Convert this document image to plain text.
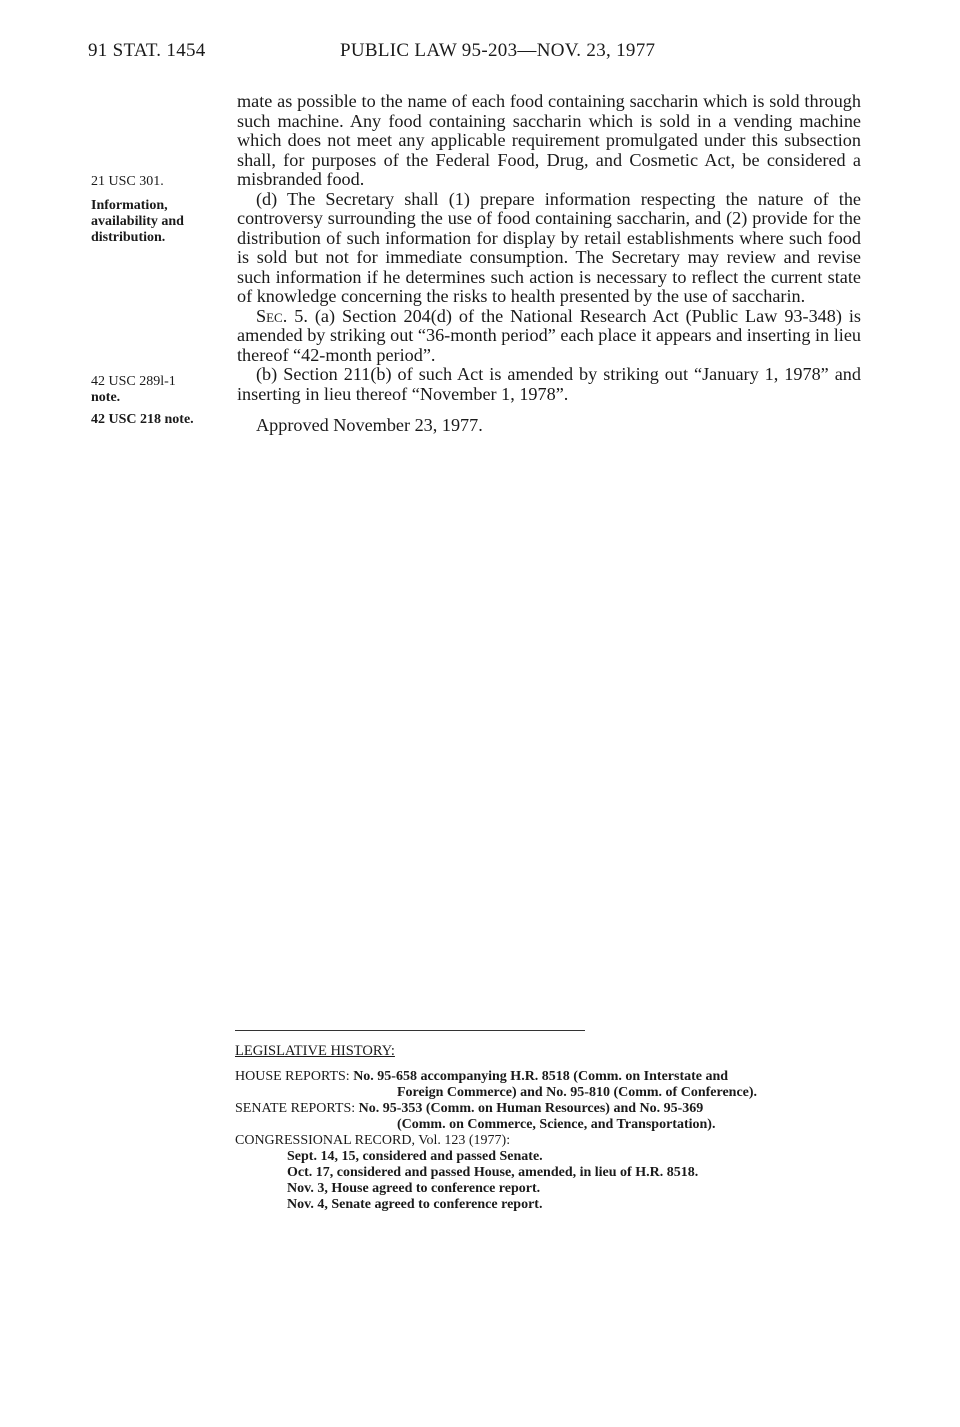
91 STAT. 1454	PUBLIC LAW 95-203—NOV. 23, 1977
21 USC 301.
Information,
availability and
distribution.
42 USC 289l-1
note.
42 USC 218 note.

mate as possible to the name of each food containing saccharin which is sold through such machine. Any food containing saccharin which is sold in a vending machine which does not meet any applicable requirement promulgated under this subsection shall, for purposes of the Federal Food, Drug, and Cosmetic Act, be considered a misbranded food.

(d) The Secretary shall (1) prepare information respecting the nature of the controversy surrounding the use of food containing saccharin, and (2) provide for the distribution of such information for display by retail establishments where such food is sold but not for immediate consumption. The Secretary may review and revise such information if he determines such action is necessary to reflect the current state of knowledge concerning the risks to health presented by the use of saccharin.

Sec. 5. (a) Section 204(d) of the National Research Act (Public Law 93-348) is amended by striking out “36-month period” each place it appears and inserting in lieu thereof “42-month period”.

(b) Section 211(b) of such Act is amended by striking out “January 1, 1978” and inserting in lieu thereof “November 1, 1978”.

Approved November 23, 1977.

LEGISLATIVE HISTORY:
HOUSE REPORTS: No. 95-658 accompanying H.R. 8518 (Comm. on Interstate and
Foreign Commerce) and No. 95-810 (Comm. of Conference).
SENATE REPORTS: No. 95-353 (Comm. on Human Resources) and No. 95-369
(Comm. on Commerce, Science, and Transportation).
CONGRESSIONAL RECORD, Vol. 123 (1977):
Sept. 14, 15, considered and passed Senate.
Oct. 17, considered and passed House, amended, in lieu of H.R. 8518.
Nov. 3, House agreed to conference report.
Nov. 4, Senate agreed to conference report.
